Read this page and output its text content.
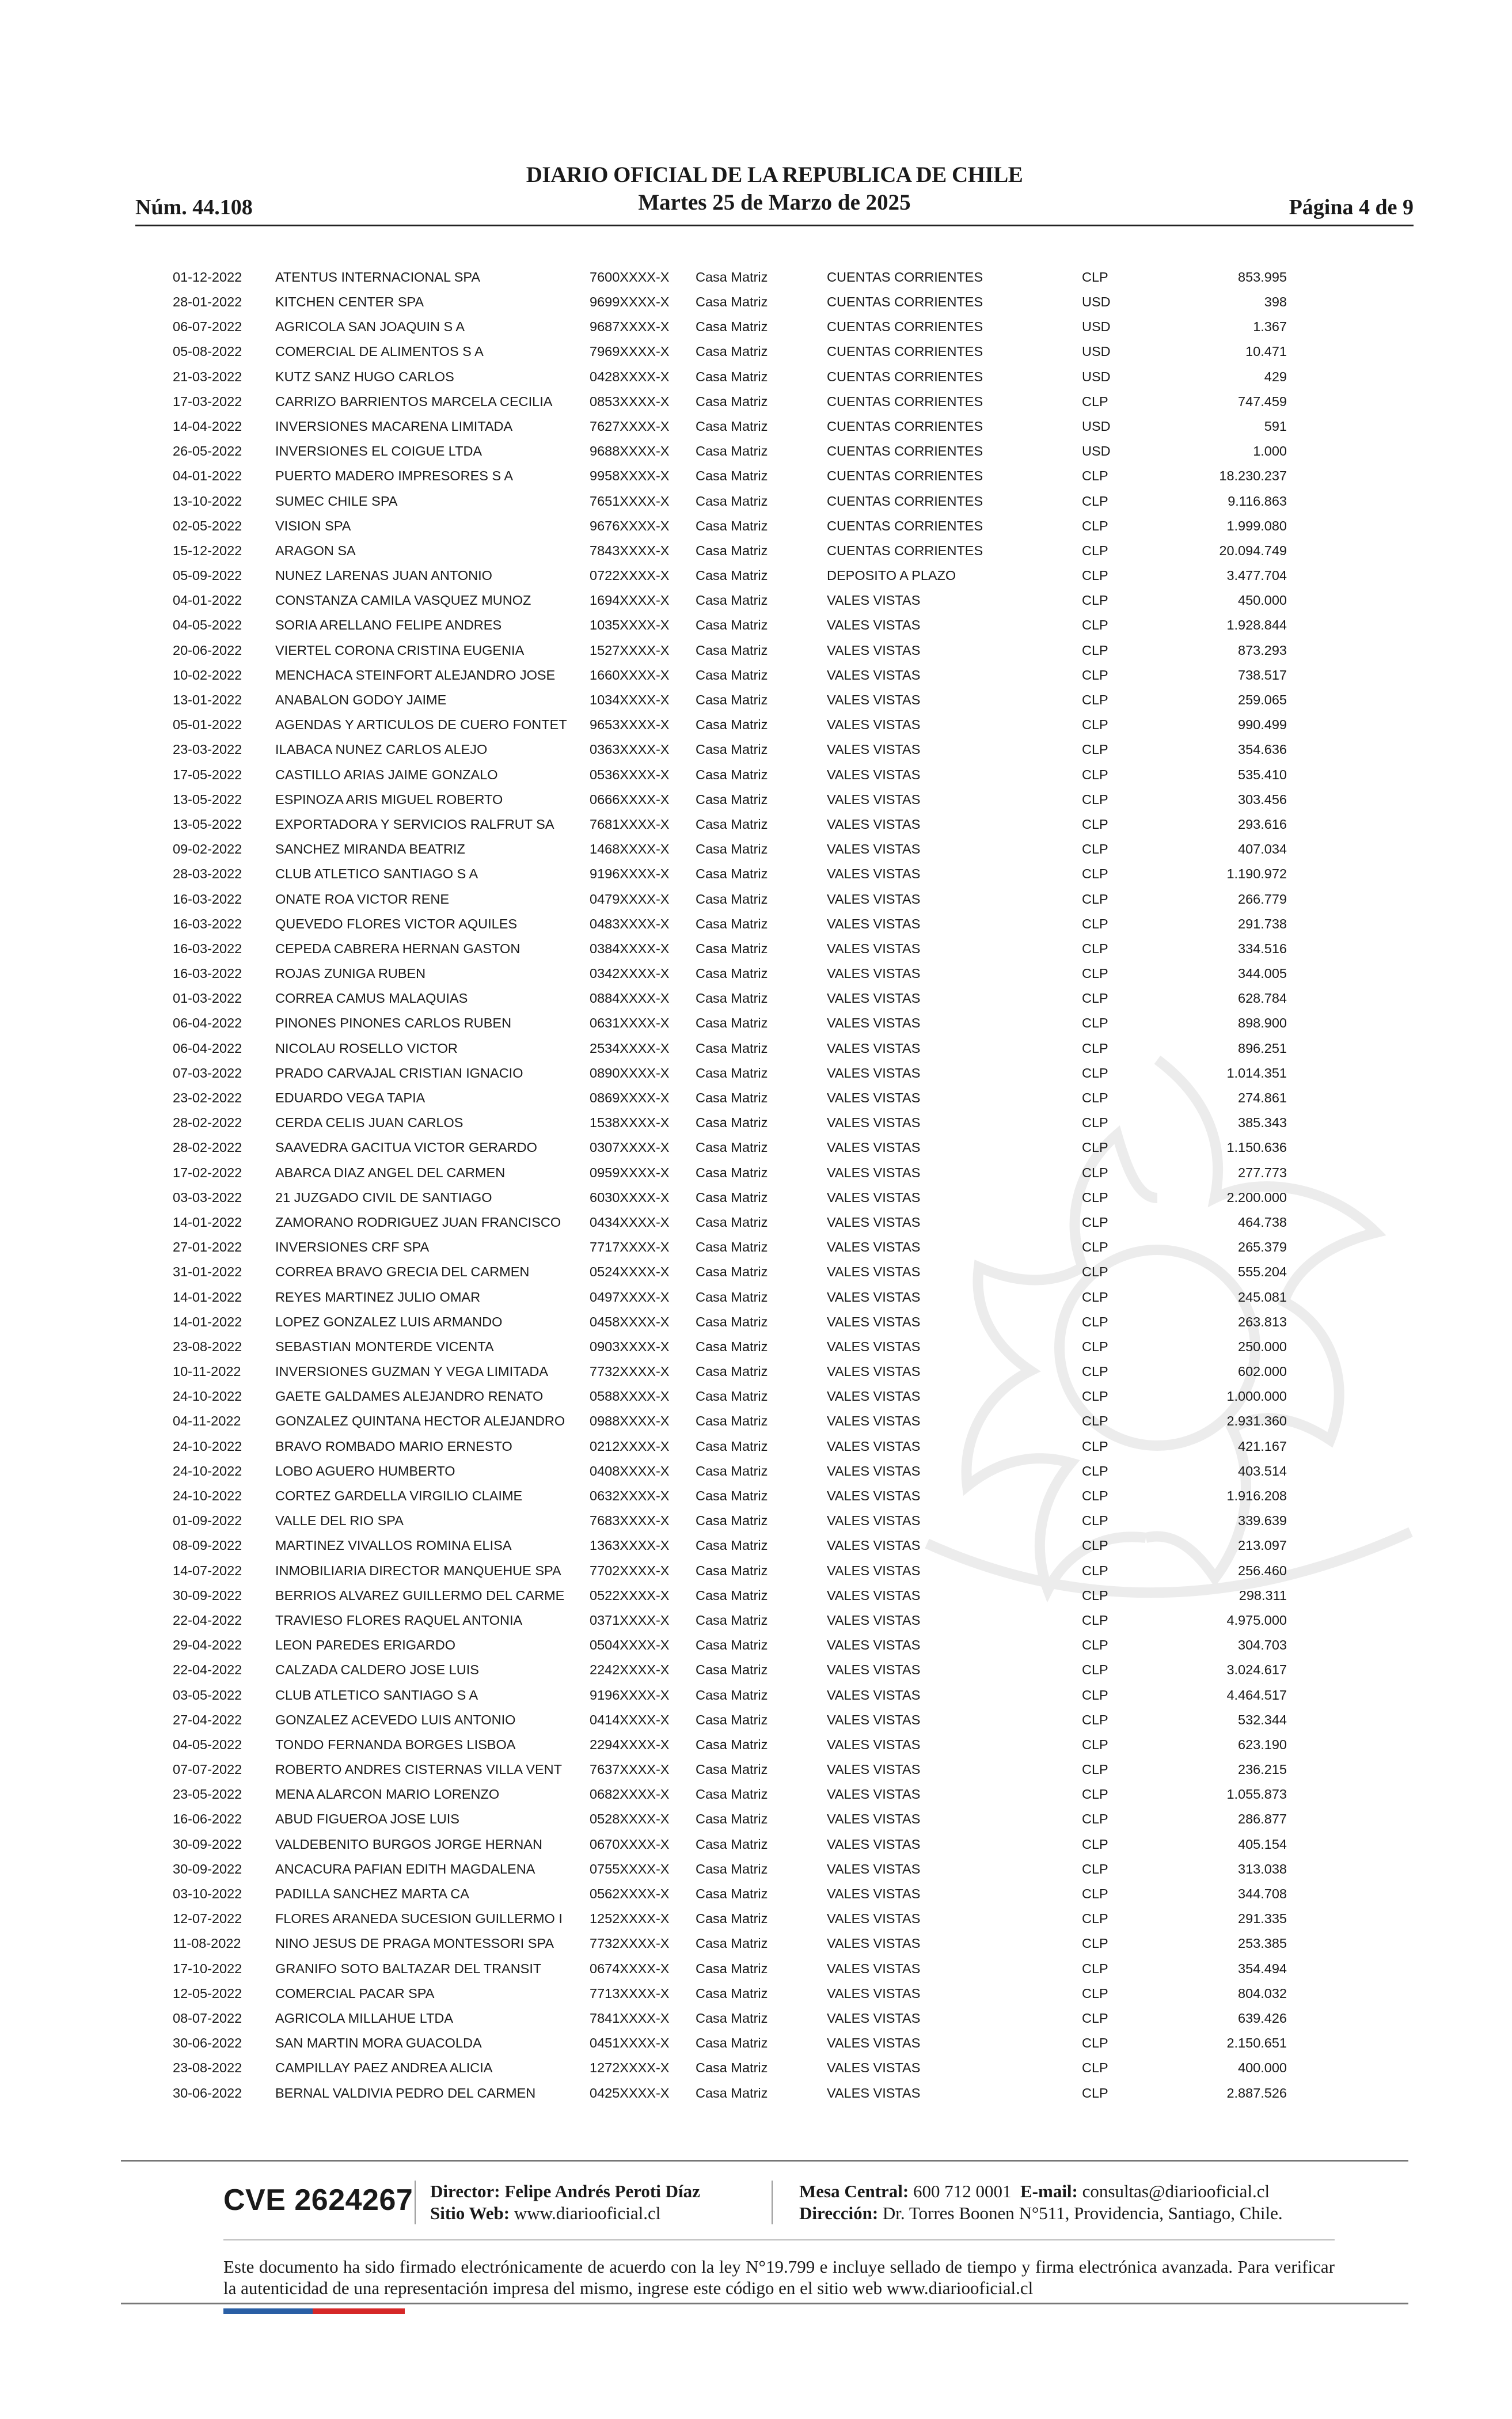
Núm. 44.108
DIARIO OFICIAL DE LA REPUBLICA DE CHILE
Martes 25 de Marzo de 2025	Página 4 de 9
01-12-2022	ATENTUS INTERNACIONAL SPA	7600XXXX-X	Casa Matriz	CUENTAS CORRIENTES	CLP	853.995
28-01-2022	KITCHEN CENTER SPA	9699XXXX-X	Casa Matriz	CUENTAS CORRIENTES	USD	398
06-07-2022	AGRICOLA SAN JOAQUIN S A	9687XXXX-X	Casa Matriz	CUENTAS CORRIENTES	USD	1.367
05-08-2022	COMERCIAL DE ALIMENTOS S A	7969XXXX-X	Casa Matriz	CUENTAS CORRIENTES	USD	10.471
21-03-2022	KUTZ SANZ HUGO CARLOS	0428XXXX-X	Casa Matriz	CUENTAS CORRIENTES	USD	429
17-03-2022	CARRIZO BARRIENTOS MARCELA CECILIA	0853XXXX-X	Casa Matriz	CUENTAS CORRIENTES	CLP	747.459
14-04-2022	INVERSIONES MACARENA LIMITADA	7627XXXX-X	Casa Matriz	CUENTAS CORRIENTES	USD	591
26-05-2022	INVERSIONES EL COIGUE LTDA	9688XXXX-X	Casa Matriz	CUENTAS CORRIENTES	USD	1.000
04-01-2022	PUERTO MADERO IMPRESORES S A	9958XXXX-X	Casa Matriz	CUENTAS CORRIENTES	CLP	18.230.237
13-10-2022	SUMEC CHILE SPA	7651XXXX-X	Casa Matriz	CUENTAS CORRIENTES	CLP	9.116.863
02-05-2022	VISION SPA	9676XXXX-X	Casa Matriz	CUENTAS CORRIENTES	CLP	1.999.080
15-12-2022	ARAGON SA	7843XXXX-X	Casa Matriz	CUENTAS CORRIENTES	CLP	20.094.749
05-09-2022	NUNEZ LARENAS JUAN ANTONIO	0722XXXX-X	Casa Matriz	DEPOSITO A PLAZO	CLP	3.477.704
04-01-2022	CONSTANZA CAMILA VASQUEZ MUNOZ	1694XXXX-X	Casa Matriz	VALES VISTAS	CLP	450.000
04-05-2022	SORIA ARELLANO FELIPE ANDRES	1035XXXX-X	Casa Matriz	VALES VISTAS	CLP	1.928.844
20-06-2022	VIERTEL CORONA CRISTINA EUGENIA	1527XXXX-X	Casa Matriz	VALES VISTAS	CLP	873.293
10-02-2022	MENCHACA STEINFORT ALEJANDRO JOSE	1660XXXX-X	Casa Matriz	VALES VISTAS	CLP	738.517
13-01-2022	ANABALON GODOY JAIME	1034XXXX-X	Casa Matriz	VALES VISTAS	CLP	259.065
05-01-2022	AGENDAS Y ARTICULOS DE CUERO FONTET	9653XXXX-X	Casa Matriz	VALES VISTAS	CLP	990.499
23-03-2022	ILABACA NUNEZ CARLOS ALEJO	0363XXXX-X	Casa Matriz	VALES VISTAS	CLP	354.636
17-05-2022	CASTILLO ARIAS JAIME GONZALO	0536XXXX-X	Casa Matriz	VALES VISTAS	CLP	535.410
13-05-2022	ESPINOZA ARIS MIGUEL ROBERTO	0666XXXX-X	Casa Matriz	VALES VISTAS	CLP	303.456
13-05-2022	EXPORTADORA Y SERVICIOS RALFRUT SA	7681XXXX-X	Casa Matriz	VALES VISTAS	CLP	293.616
09-02-2022	SANCHEZ MIRANDA BEATRIZ	1468XXXX-X	Casa Matriz	VALES VISTAS	CLP	407.034
28-03-2022	CLUB ATLETICO SANTIAGO S A	9196XXXX-X	Casa Matriz	VALES VISTAS	CLP	1.190.972
16-03-2022	ONATE ROA VICTOR RENE	0479XXXX-X	Casa Matriz	VALES VISTAS	CLP	266.779
16-03-2022	QUEVEDO FLORES VICTOR AQUILES	0483XXXX-X	Casa Matriz	VALES VISTAS	CLP	291.738
16-03-2022	CEPEDA CABRERA HERNAN GASTON	0384XXXX-X	Casa Matriz	VALES VISTAS	CLP	334.516
16-03-2022	ROJAS ZUNIGA RUBEN	0342XXXX-X	Casa Matriz	VALES VISTAS	CLP	344.005
01-03-2022	CORREA CAMUS MALAQUIAS	0884XXXX-X	Casa Matriz	VALES VISTAS	CLP	628.784
06-04-2022	PINONES PINONES CARLOS RUBEN	0631XXXX-X	Casa Matriz	VALES VISTAS	CLP	898.900
06-04-2022	NICOLAU ROSELLO VICTOR	2534XXXX-X	Casa Matriz	VALES VISTAS	CLP	896.251
07-03-2022	PRADO CARVAJAL CRISTIAN IGNACIO	0890XXXX-X	Casa Matriz	VALES VISTAS	CLP	1.014.351
23-02-2022	EDUARDO VEGA TAPIA	0869XXXX-X	Casa Matriz	VALES VISTAS	CLP	274.861
28-02-2022	CERDA CELIS JUAN CARLOS	1538XXXX-X	Casa Matriz	VALES VISTAS	CLP	385.343
28-02-2022	SAAVEDRA GACITUA VICTOR GERARDO	0307XXXX-X	Casa Matriz	VALES VISTAS	CLP	1.150.636
17-02-2022	ABARCA DIAZ ANGEL DEL CARMEN	0959XXXX-X	Casa Matriz	VALES VISTAS	CLP	277.773
03-03-2022	21 JUZGADO CIVIL DE SANTIAGO	6030XXXX-X	Casa Matriz	VALES VISTAS	CLP	2.200.000
14-01-2022	ZAMORANO RODRIGUEZ JUAN FRANCISCO	0434XXXX-X	Casa Matriz	VALES VISTAS	CLP	464.738
27-01-2022	INVERSIONES CRF SPA	7717XXXX-X	Casa Matriz	VALES VISTAS	CLP	265.379
31-01-2022	CORREA BRAVO GRECIA DEL CARMEN	0524XXXX-X	Casa Matriz	VALES VISTAS	CLP	555.204
14-01-2022	REYES MARTINEZ JULIO OMAR	0497XXXX-X	Casa Matriz	VALES VISTAS	CLP	245.081
14-01-2022	LOPEZ GONZALEZ LUIS ARMANDO	0458XXXX-X	Casa Matriz	VALES VISTAS	CLP	263.813
23-08-2022	SEBASTIAN MONTERDE VICENTA	0903XXXX-X	Casa Matriz	VALES VISTAS	CLP	250.000
10-11-2022	INVERSIONES GUZMAN Y VEGA LIMITADA	7732XXXX-X	Casa Matriz	VALES VISTAS	CLP	602.000
24-10-2022	GAETE GALDAMES ALEJANDRO RENATO	0588XXXX-X	Casa Matriz	VALES VISTAS	CLP	1.000.000
04-11-2022	GONZALEZ QUINTANA HECTOR ALEJANDRO	0988XXXX-X	Casa Matriz	VALES VISTAS	CLP	2.931.360
24-10-2022	BRAVO ROMBADO MARIO ERNESTO	0212XXXX-X	Casa Matriz	VALES VISTAS	CLP	421.167
24-10-2022	LOBO AGUERO HUMBERTO	0408XXXX-X	Casa Matriz	VALES VISTAS	CLP	403.514
24-10-2022	CORTEZ GARDELLA VIRGILIO CLAIME	0632XXXX-X	Casa Matriz	VALES VISTAS	CLP	1.916.208
01-09-2022	VALLE DEL RIO SPA	7683XXXX-X	Casa Matriz	VALES VISTAS	CLP	339.639
08-09-2022	MARTINEZ VIVALLOS ROMINA ELISA	1363XXXX-X	Casa Matriz	VALES VISTAS	CLP	213.097
14-07-2022	INMOBILIARIA DIRECTOR MANQUEHUE SPA	7702XXXX-X	Casa Matriz	VALES VISTAS	CLP	256.460
30-09-2022	BERRIOS ALVAREZ GUILLERMO DEL CARME	0522XXXX-X	Casa Matriz	VALES VISTAS	CLP	298.311
22-04-2022	TRAVIESO FLORES RAQUEL ANTONIA	0371XXXX-X	Casa Matriz	VALES VISTAS	CLP	4.975.000
29-04-2022	LEON PAREDES ERIGARDO	0504XXXX-X	Casa Matriz	VALES VISTAS	CLP	304.703
22-04-2022	CALZADA CALDERO JOSE LUIS	2242XXXX-X	Casa Matriz	VALES VISTAS	CLP	3.024.617
03-05-2022	CLUB ATLETICO SANTIAGO S A	9196XXXX-X	Casa Matriz	VALES VISTAS	CLP	4.464.517
27-04-2022	GONZALEZ ACEVEDO LUIS ANTONIO	0414XXXX-X	Casa Matriz	VALES VISTAS	CLP	532.344
04-05-2022	TONDO FERNANDA BORGES LISBOA	2294XXXX-X	Casa Matriz	VALES VISTAS	CLP	623.190
07-07-2022	ROBERTO ANDRES CISTERNAS VILLA VENT	7637XXXX-X	Casa Matriz	VALES VISTAS	CLP	236.215
23-05-2022	MENA ALARCON MARIO LORENZO	0682XXXX-X	Casa Matriz	VALES VISTAS	CLP	1.055.873
16-06-2022	ABUD FIGUEROA JOSE LUIS	0528XXXX-X	Casa Matriz	VALES VISTAS	CLP	286.877
30-09-2022	VALDEBENITO BURGOS JORGE HERNAN	0670XXXX-X	Casa Matriz	VALES VISTAS	CLP	405.154
30-09-2022	ANCACURA PAFIAN EDITH MAGDALENA	0755XXXX-X	Casa Matriz	VALES VISTAS	CLP	313.038
03-10-2022	PADILLA SANCHEZ MARTA CA	0562XXXX-X	Casa Matriz	VALES VISTAS	CLP	344.708
12-07-2022	FLORES ARANEDA SUCESION GUILLERMO I	1252XXXX-X	Casa Matriz	VALES VISTAS	CLP	291.335
11-08-2022	NINO JESUS DE PRAGA MONTESSORI SPA	7732XXXX-X	Casa Matriz	VALES VISTAS	CLP	253.385
17-10-2022	GRANIFO SOTO BALTAZAR DEL TRANSIT	0674XXXX-X	Casa Matriz	VALES VISTAS	CLP	354.494
12-05-2022	COMERCIAL PACAR SPA	7713XXXX-X	Casa Matriz	VALES VISTAS	CLP	804.032
08-07-2022	AGRICOLA MILLAHUE LTDA	7841XXXX-X	Casa Matriz	VALES VISTAS	CLP	639.426
30-06-2022	SAN MARTIN MORA GUACOLDA	0451XXXX-X	Casa Matriz	VALES VISTAS	CLP	2.150.651
23-08-2022	CAMPILLAY PAEZ ANDREA ALICIA	1272XXXX-X	Casa Matriz	VALES VISTAS	CLP	400.000
30-06-2022	BERNAL VALDIVIA PEDRO DEL CARMEN	0425XXXX-X	Casa Matriz	VALES VISTAS	CLP	2.887.526
CVE 2624267 Director: Felipe Andrés Peroti Díaz
Sitio Web: www.diariooficial.cl
Mesa Central: 600 712 0001 E-mail: consultas@diariooficial.cl
Dirección: Dr. Torres Boonen N°511, Providencia, Santiago, Chile.
Este documento ha sido firmado electrónicamente de acuerdo con la ley N°19.799 e incluye sellado de tiempo y firma electrónica avanzada. Para verificar la autenticidad de una representación impresa del mismo, ingrese este código en el sitio web www.diariooficial.cl
